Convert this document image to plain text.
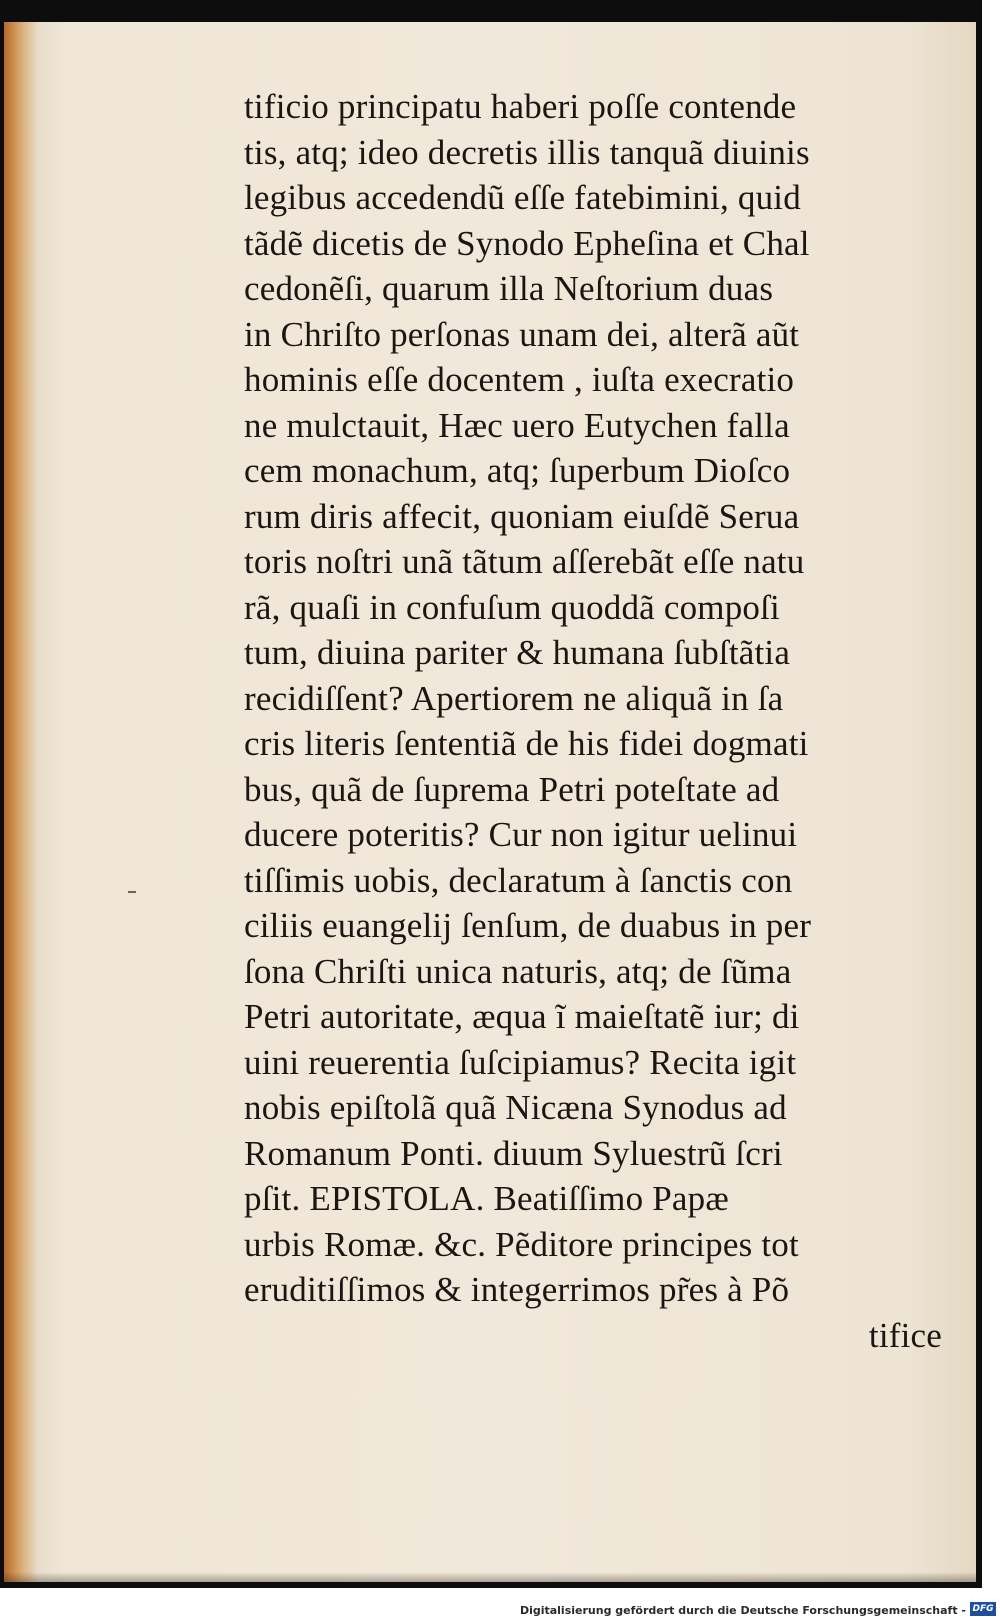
tificio principatu haberi poſſe contende
tis, atq; ideo decretis illis tanquã diuinis
legibus accedendũ eſſe fatebimini, quid
tãdẽ dicetis de Synodo Epheſina et Chal
cedonẽſi, quarum illa Neſtorium duas
in Chriſto perſonas unam dei, alterã aũt
hominis eſſe docentem , iuſta execratio
ne mulctauit, Hæc uero Eutychen falla
cem monachum, atq; ſuperbum Dioſco
rum diris affecit, quoniam eiuſdẽ Serua
toris noſtri unã tãtum aſſerebãt eſſe natu
rã, quaſi in confuſum quoddã compoſi
tum, diuina pariter & humana ſubſtãtia
recidiſſent? Apertiorem ne aliquã in ſa
cris literis ſententiã de his fidei dogmati
bus, quã de ſuprema Petri poteſtate ad
ducere poteritis? Cur non igitur uelinui
tiſſimis uobis, declaratum à ſanctis con
ciliis euangelij ſenſum, de duabus in per
ſona Chriſti unica naturis, atq; de ſũma
Petri autoritate, æqua ĩ maieſtatẽ iur; di
uini reuerentia ſuſcipiamus? Recita igit
nobis epiſtolã quã Nicæna Synodus ad
Romanum Ponti. diuum Syluestrũ ſcri
pſit. EPISTOLA. Beatiſſimo Papæ
urbis Romæ. &c. Pẽditore principes tot
eruditiſſimos & integerrimos pr̃es à Põ
tifice
Digitalisierung gefördert durch die Deutsche Forschungsgemeinschaft - DFG
